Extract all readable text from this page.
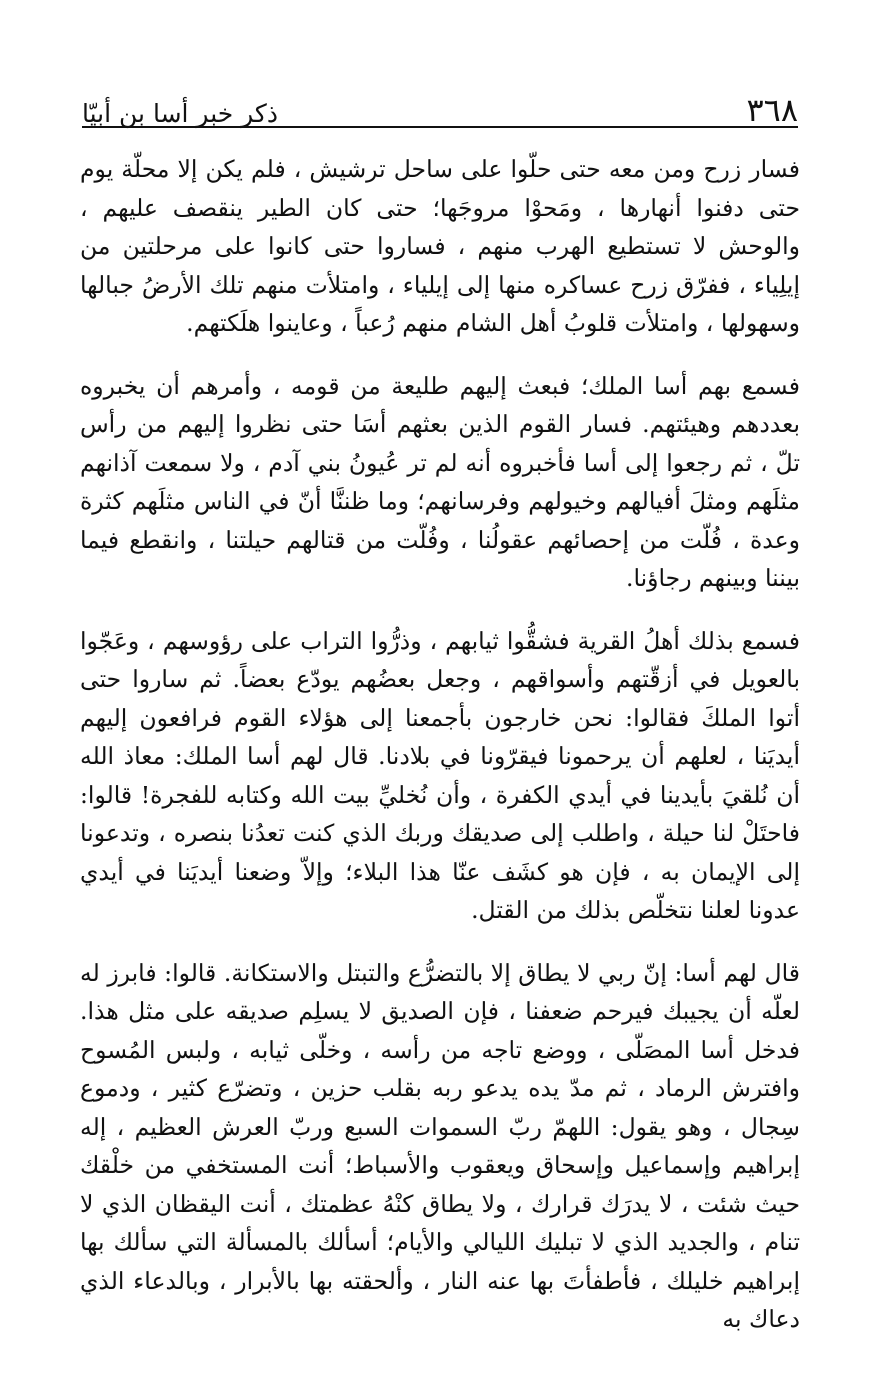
٣٦٨
ذكر خبر أسا بن أبيّا

فسار زرح ومن معه حتى حلّوا على ساحل ترشيش ، فلم يكن إلا محلّة يوم حتى دفنوا أنهارها ، ومَحوْا مروجَها؛ حتى كان الطير ينقصف عليهم ، والوحش لا تستطيع الهرب منهم ، فساروا حتى كانوا على مرحلتين من إيلِياء ، ففرّق زرح عساكره منها إلى إيلياء ، وامتلأت منهم تلك الأرضُ جبالها وسهولها ، وامتلأت قلوبُ أهل الشام منهم رُعباً ، وعاينوا هلَكتهم.

فسمع بهم أسا الملك؛ فبعث إليهم طليعة من قومه ، وأمرهم أن يخبروه بعددهم وهيئتهم. فسار القوم الذين بعثهم أسَا حتى نظروا إليهم من رأس تلّ ، ثم رجعوا إلى أسا فأخبروه أنه لم تر عُيونُ بني آدم ، ولا سمعت آذانهم مثلَهم ومثلَ أفيالهم وخيولهم وفرسانهم؛ وما ظننَّا أنّ في الناس مثلَهم كثرة وعدة ، فُلّت من إحصائهم عقولُنا ، وفُلّت من قتالهم حيلتنا ، وانقطع فيما بيننا وبينهم رجاؤنا.

فسمع بذلك أهلُ القرية فشقُّوا ثيابهم ، وذرُّوا التراب على رؤوسهم ، وعَجّوا بالعويل في أزقّتهم وأسواقهم ، وجعل بعضُهم يودّع بعضاً. ثم ساروا حتى أتوا الملكَ فقالوا: نحن خارجون بأجمعنا إلى هؤلاء القوم فرافعون إليهم أيديَنا ، لعلهم أن يرحمونا فيقرّونا في بلادنا. قال لهم أسا الملك: معاذ الله أن نُلقيَ بأيدينا في أيدي الكفرة ، وأن نُخليِّ بيت الله وكتابه للفجرة! قالوا: فاحتَلْ لنا حيلة ، واطلب إلى صديقك وربك الذي كنت تعدُنا بنصره ، وتدعونا إلى الإيمان به ، فإن هو كشَف عنّا هذا البلاء؛ وإلاّ وضعنا أيديَنا في أيدي عدونا لعلنا نتخلّص بذلك من القتل.

قال لهم أسا: إنّ ربي لا يطاق إلا بالتضرُّع والتبتل والاستكانة. قالوا: فابرز له لعلّه أن يجيبك فيرحم ضعفنا ، فإن الصديق لا يسلِم صديقه على مثل هذا. فدخل أسا المصَلّى ، ووضع تاجه من رأسه ، وخلّى ثيابه ، ولبس المُسوح وافترش الرماد ، ثم مدّ يده يدعو ربه بقلب حزين ، وتضرّع كثير ، ودموع سِجال ، وهو يقول: اللهمّ ربّ السموات السبع وربّ العرش العظيم ، إله إبراهيم وإسماعيل وإسحاق ويعقوب والأسباط؛ أنت المستخفي من خلْقك حيث شئت ، لا يدرَك قرارك ، ولا يطاق كنْهُ عظمتك ، أنت اليقظان الذي لا تنام ، والجديد الذي لا تبليك الليالي والأيام؛ أسألك بالمسألة التي سألك بها إبراهيم خليلك ، فأطفأتَ بها عنه النار ، وألحقته بها بالأبرار ، وبالدعاء الذي دعاك به
